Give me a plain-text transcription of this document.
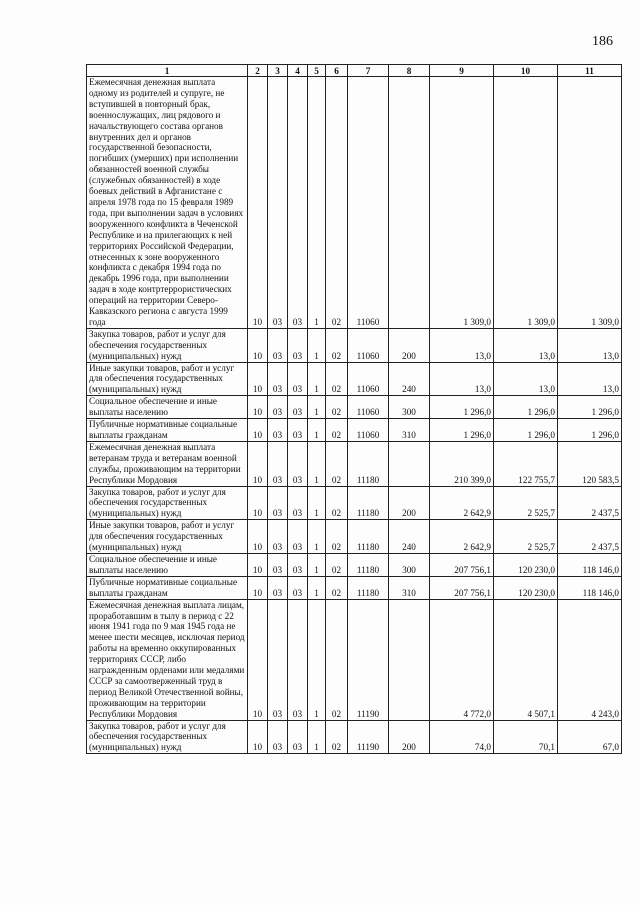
186
1	2	3	4	5	6	7	8	9	10	11
Ежемесячная денежная выплата одному из родителей и супруге, не вступившей в повторный брак, военнослужащих, лиц рядового и начальствующего состава органов внутренних дел и органов государственной безопасности, погибших (умерших) при исполнении обязанностей военной службы (служебных обязанностей) в ходе боевых действий в Афганистане с апреля 1978 года по 15 февраля 1989 года, при выполнении задач в условиях вооруженного конфликта в Чеченской Республике и на прилегающих к ней территориях Российской Федерации, отнесенных к зоне вооруженного конфликта с декабря 1994 года по декабрь 1996 года, при выполнении задач в ходе контртеррористических операций на территории Северо-Кавказского региона с августа 1999 года	10	03	03	1	02	11060		1 309,0	1 309,0	1 309,0
Закупка товаров, работ и услуг для обеспечения государственных (муниципальных) нужд	10	03	03	1	02	11060	200	13,0	13,0	13,0
Иные закупки товаров, работ и услуг для обеспечения государственных (муниципальных) нужд	10	03	03	1	02	11060	240	13,0	13,0	13,0
Социальное обеспечение и иные выплаты населению	10	03	03	1	02	11060	300	1 296,0	1 296,0	1 296,0
Публичные нормативные социальные выплаты гражданам	10	03	03	1	02	11060	310	1 296,0	1 296,0	1 296,0
Ежемесячная денежная выплата ветеранам труда и ветеранам военной службы, проживающим на территории Республики Мордовия	10	03	03	1	02	11180		210 399,0	122 755,7	120 583,5
Закупка товаров, работ и услуг для обеспечения государственных (муниципальных) нужд	10	03	03	1	02	11180	200	2 642,9	2 525,7	2 437,5
Иные закупки товаров, работ и услуг для обеспечения государственных (муниципальных) нужд	10	03	03	1	02	11180	240	2 642,9	2 525,7	2 437,5
Социальное обеспечение и иные выплаты населению	10	03	03	1	02	11180	300	207 756,1	120 230,0	118 146,0
Публичные нормативные социальные выплаты гражданам	10	03	03	1	02	11180	310	207 756,1	120 230,0	118 146,0
Ежемесячная денежная выплата лицам, проработавшим в тылу в период с 22 июня 1941 года по 9 мая 1945 года не менее шести месяцев, исключая период работы на временно оккупированных территориях СССР, либо награжденным орденами или медалями СССР за самоотверженный труд в период Великой Отечественной войны, проживающим на территории Республики Мордовия	10	03	03	1	02	11190		4 772,0	4 507,1	4 243,0
Закупка товаров, работ и услуг для обеспечения государственных (муниципальных) нужд	10	03	03	1	02	11190	200	74,0	70,1	67,0
